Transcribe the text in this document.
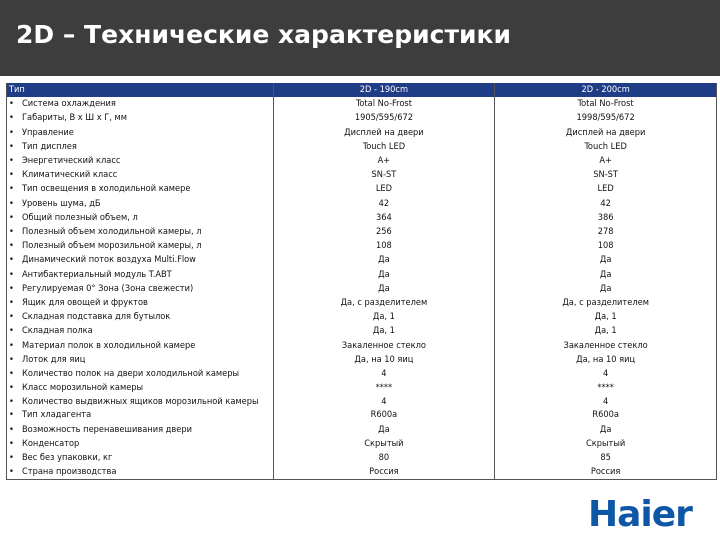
2D – Технические характеристики
Тип	2D - 190cm	2D - 200cm
• Система охлаждения	Total No-Frost	Total No-Frost
• Габариты, В х Ш х Г, мм	1905/595/672	1998/595/672
• Управление	Дисплей на двери	Дисплей на двери
• Тип дисплея	Touch LED	Touch LED
• Энергетический класс	A+	A+
• Климатический класс	SN-ST	SN-ST
• Тип освещения в холодильной камере	LED	LED
• Уровень шума, дБ	42	42
• Общий полезный объем, л	364	386
• Полезный объем холодильной камеры, л	256	278
• Полезный объем морозильной камеры, л	108	108
• Динамический поток воздуха Multi.Flow	Да	Да
• Антибактериальный модуль T.ABT	Да	Да
• Регулируемая 0° Зона (Зона свежести)	Да	Да
• Ящик для овощей и фруктов	Да, с разделителем	Да, с разделителем
• Складная подставка для бутылок	Да, 1	Да, 1
• Складная полка	Да, 1	Да, 1
• Материал полок в холодильной камере	Закаленное стекло	Закаленное стекло
• Лоток для яиц	Да, на 10 яиц	Да, на 10 яиц
• Количество полок на двери холодильной камеры	4	4
• Класс морозильной камеры	****	****
• Количество выдвижных ящиков морозильной камеры	4	4
• Тип хладагента	R600a	R600a
• Возможность перенавешивания двери	Да	Да
• Конденсатор	Скрытый	Скрытый
• Вес без упаковки, кг	80	85
• Страна производства	Россия	Россия
Haier
